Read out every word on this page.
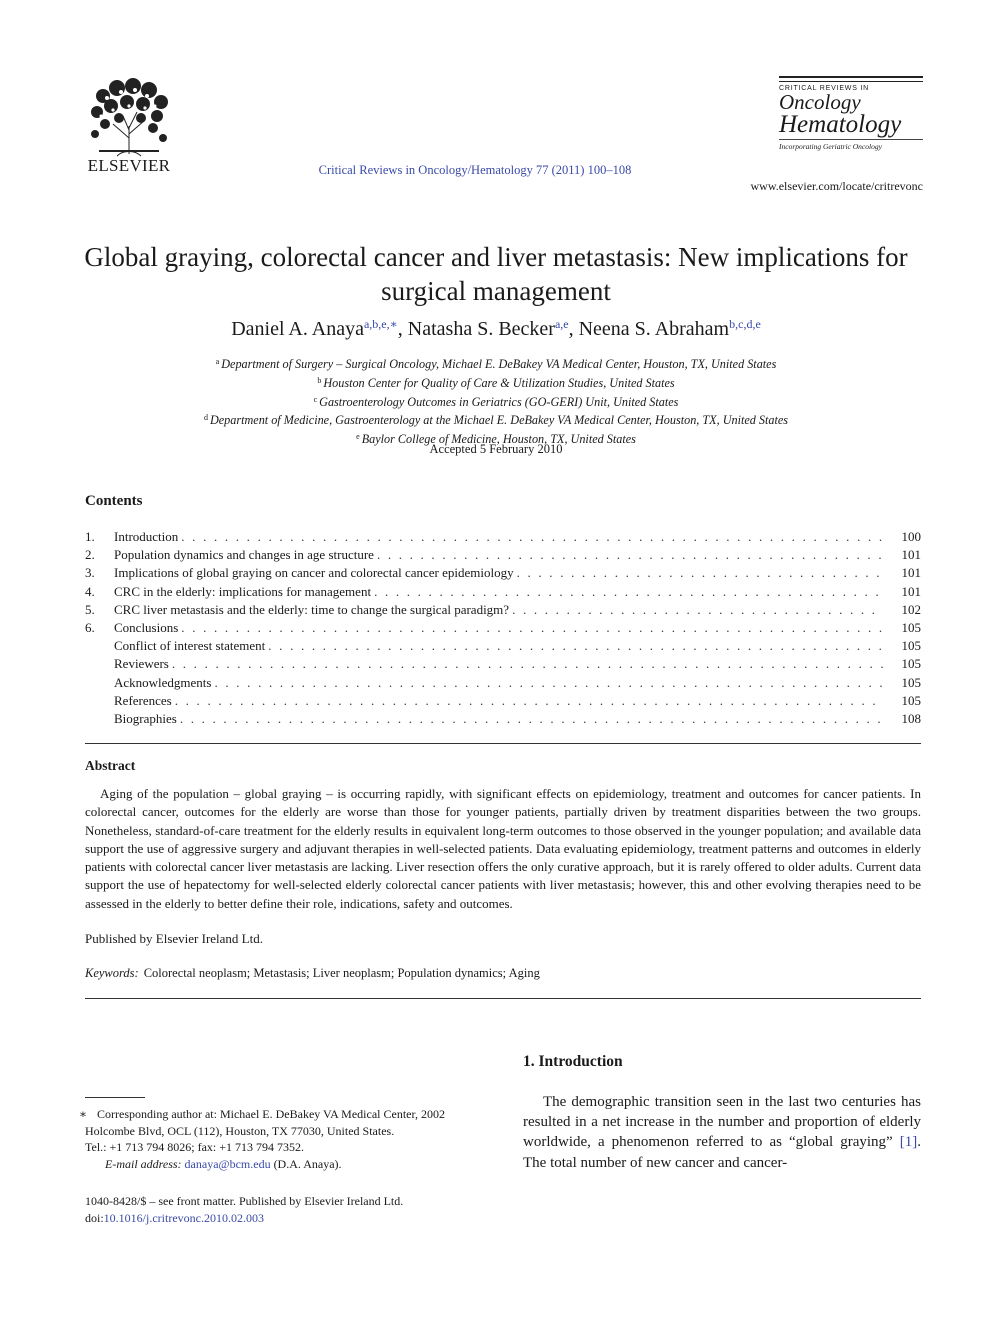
ELSEVIER	Critical Reviews in Oncology/Hematology 77 (2011) 100–108
CRITICAL REVIEWS IN
Oncology
Hematology
Incorporating Geriatric Oncology
www.elsevier.com/locate/critrevonc
Global graying, colorectal cancer and liver metastasis: New implications for surgical management
Daniel A. Anaya$^{a,b,e,∗}$, Natasha S. Becker$^{a,e}$, Neena S. Abraham$^{b,c,d,e}$
$^a$ Department of Surgery – Surgical Oncology, Michael E. DeBakey VA Medical Center, Houston, TX, United States
$^b$ Houston Center for Quality of Care & Utilization Studies, United States
$^c$ Gastroenterology Outcomes in Geriatrics (GO-GERI) Unit, United States
$^d$ Department of Medicine, Gastroenterology at the Michael E. DeBakey VA Medical Center, Houston, TX, United States
$^e$ Baylor College of Medicine, Houston, TX, United States
Accepted 5 February 2010
Contents
1.	Introduction . . .	100
2.	Population dynamics and changes in age structure . . .	101
3.	Implications of global graying on cancer and colorectal cancer epidemiology . . .	101
4.	CRC in the elderly: implications for management . . .	101
5.	CRC liver metastasis and the elderly: time to change the surgical paradigm? . . .	102
6.	Conclusions . . .	105
Conflict of interest statement . . .	105
Reviewers . . .	105
Acknowledgments . . .	105
References . . .	105
Biographies . . .	108
Abstract

Aging of the population – global graying – is occurring rapidly, with significant effects on epidemiology, treatment and outcomes for cancer patients. In colorectal cancer, outcomes for the elderly are worse than those for younger patients, partially driven by treatment disparities between the two groups. Nonetheless, standard-of-care treatment for the elderly results in equivalent long-term outcomes to those observed in the younger population; and available data support the use of aggressive surgery and adjuvant therapies in well-selected patients. Data evaluating epidemiology, treatment patterns and outcomes in elderly patients with colorectal cancer liver metastasis are lacking. Liver resection offers the only curative approach, but it is rarely offered to older adults. Current data support the use of hepatectomy for well-selected elderly colorectal cancer patients with liver metastasis; however, this and other evolving therapies need to be assessed in the elderly to better define their role, indications, safety and outcomes.

Published by Elsevier Ireland Ltd.
Keywords: Colorectal neoplasm; Metastasis; Liver neoplasm; Population dynamics; Aging
1. Introduction

The demographic transition seen in the last two centuries has resulted in a net increase in the number and proportion of elderly worldwide, a phenomenon referred to as “global graying” [1]. The total number of new cancer and cancer-

∗ Corresponding author at: Michael E. DeBakey VA Medical Center, 2002 Holcombe Blvd, OCL (112), Houston, TX 77030, United States.
Tel.: +1 713 794 8026; fax: +1 713 794 7352.
E-mail address: danaya@bcm.edu (D.A. Anaya).
1040-8428/$ – see front matter. Published by Elsevier Ireland Ltd.
doi:10.1016/j.critrevonc.2010.02.003
